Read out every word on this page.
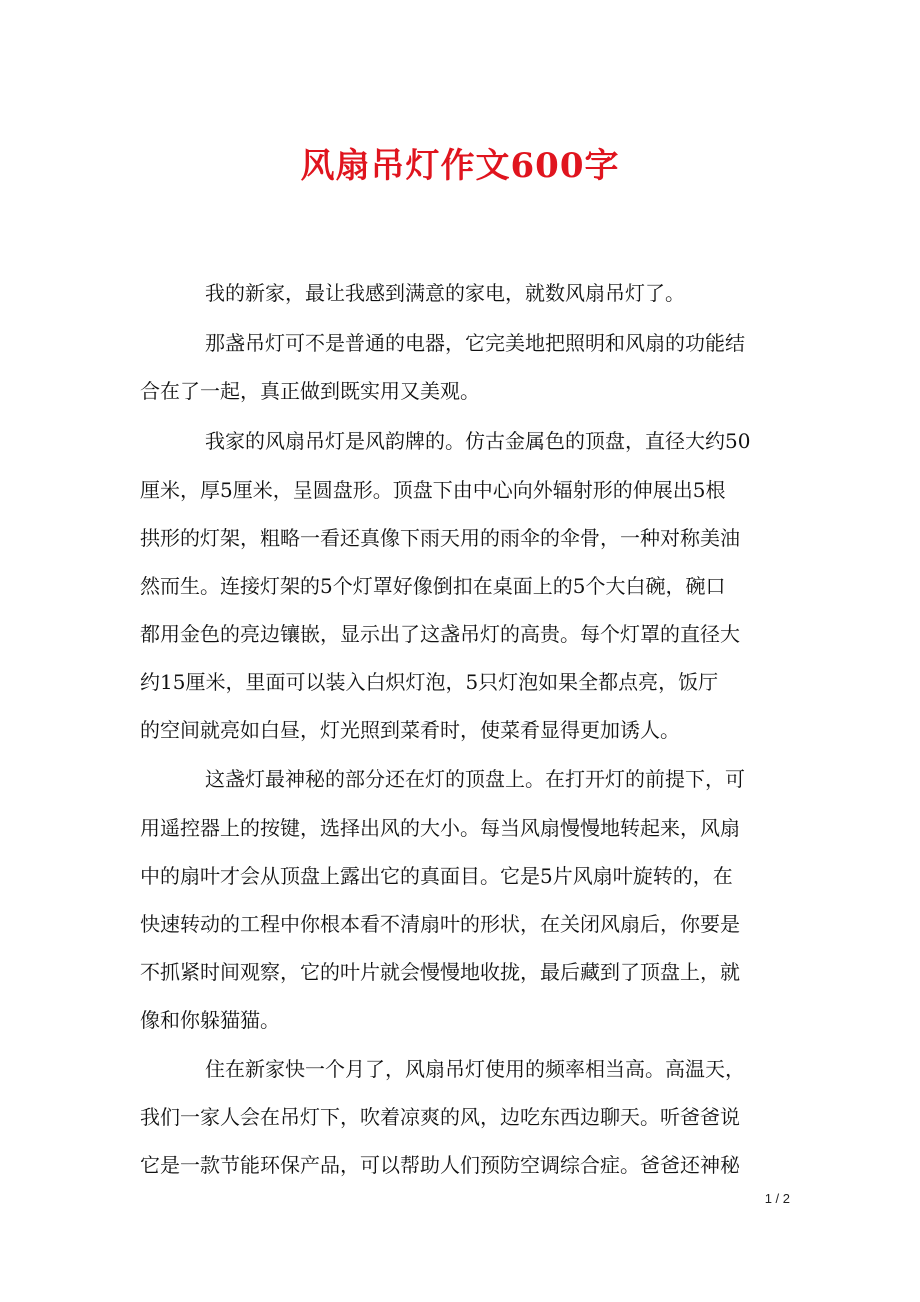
风扇吊灯作文600字
我的新家，最让我感到满意的家电，就数风扇吊灯了。
那盏吊灯可不是普通的电器，它完美地把照明和风扇的功能结
合在了一起，真正做到既实用又美观。
我家的风扇吊灯是风韵牌的。仿古金属色的顶盘，直径大约50
厘米，厚5厘米，呈圆盘形。顶盘下由中心向外辐射形的伸展出5根
拱形的灯架，粗略一看还真像下雨天用的雨伞的伞骨，一种对称美油
然而生。连接灯架的5个灯罩好像倒扣在桌面上的5个大白碗，碗口
都用金色的亮边镶嵌，显示出了这盏吊灯的高贵。每个灯罩的直径大
约15厘米，里面可以装入白炽灯泡，5只灯泡如果全都点亮，饭厅
的空间就亮如白昼，灯光照到菜肴时，使菜肴显得更加诱人。
这盏灯最神秘的部分还在灯的顶盘上。在打开灯的前提下，可
用遥控器上的按键，选择出风的大小。每当风扇慢慢地转起来，风扇
中的扇叶才会从顶盘上露出它的真面目。它是5片风扇叶旋转的，在
快速转动的工程中你根本看不清扇叶的形状，在关闭风扇后，你要是
不抓紧时间观察，它的叶片就会慢慢地收拢，最后藏到了顶盘上，就
像和你躲猫猫。
住在新家快一个月了，风扇吊灯使用的频率相当高。高温天，
我们一家人会在吊灯下，吹着凉爽的风，边吃东西边聊天。听爸爸说
它是一款节能环保产品，可以帮助人们预防空调综合症。爸爸还神秘
1 / 2
